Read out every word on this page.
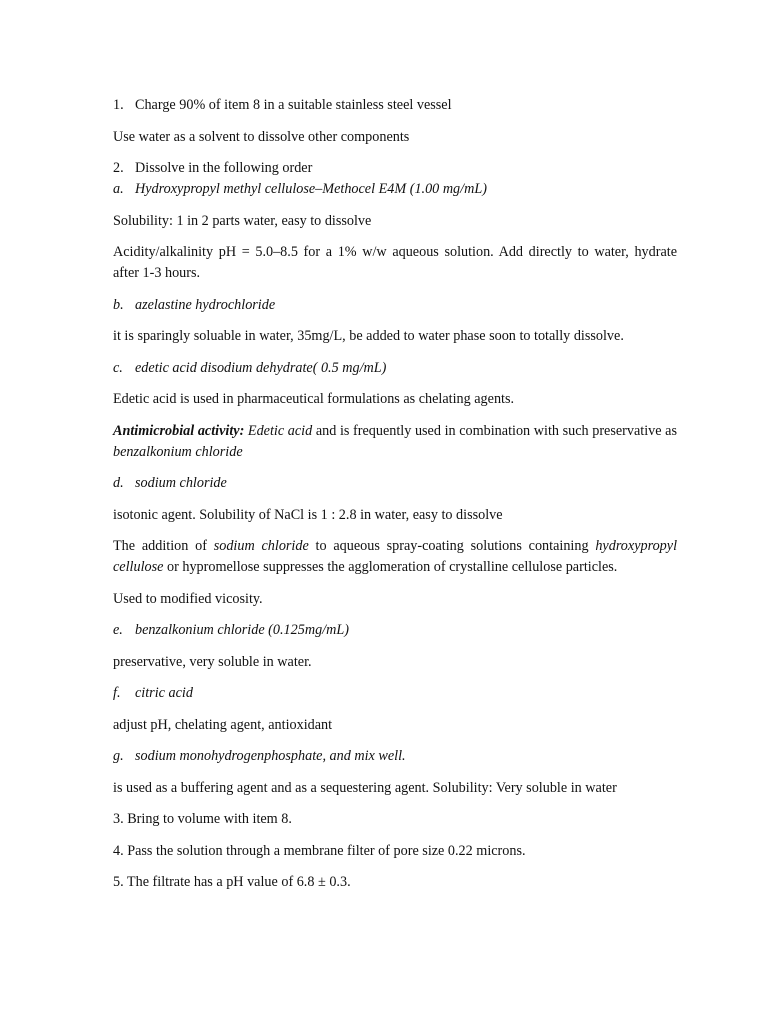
1. Charge 90% of item 8 in a suitable stainless steel vessel

Use water as a solvent to dissolve other components

2. Dissolve in the following order
a. Hydroxypropyl methyl cellulose–Methocel E4M (1.00 mg/mL)

Solubility: 1 in 2 parts water, easy to dissolve

Acidity/alkalinity pH = 5.0–8.5 for a 1% w/w aqueous solution. Add directly to water, hydrate after 1-3 hours.

b. azelastine hydrochloride

it is sparingly soluable in water, 35mg/L, be added to water phase soon to totally dissolve.

c. edetic acid disodium dehydrate( 0.5 mg/mL)

Edetic acid is used in pharmaceutical formulations as chelating agents.

Antimicrobial activity: Edetic acid and is frequently used in combination with such preservative as benzalkonium chloride

d. sodium chloride

isotonic agent. Solubility of NaCl is 1 : 2.8 in water, easy to dissolve

The addition of sodium chloride to aqueous spray-coating solutions containing hydroxypropyl cellulose or hypromellose suppresses the agglomeration of crystalline cellulose particles.

Used to modified vicosity.

e. benzalkonium chloride (0.125mg/mL)

preservative, very soluble in water.

f.	citric acid

adjust pH, chelating agent, antioxidant

g. sodium monohydrogenphosphate, and mix well.

is used as a buffering agent and as a sequestering agent. Solubility: Very soluble in water

3. Bring to volume with item 8.

4. Pass the solution through a membrane filter of pore size 0.22 microns.

5. The filtrate has a pH value of 6.8 ± 0.3.
